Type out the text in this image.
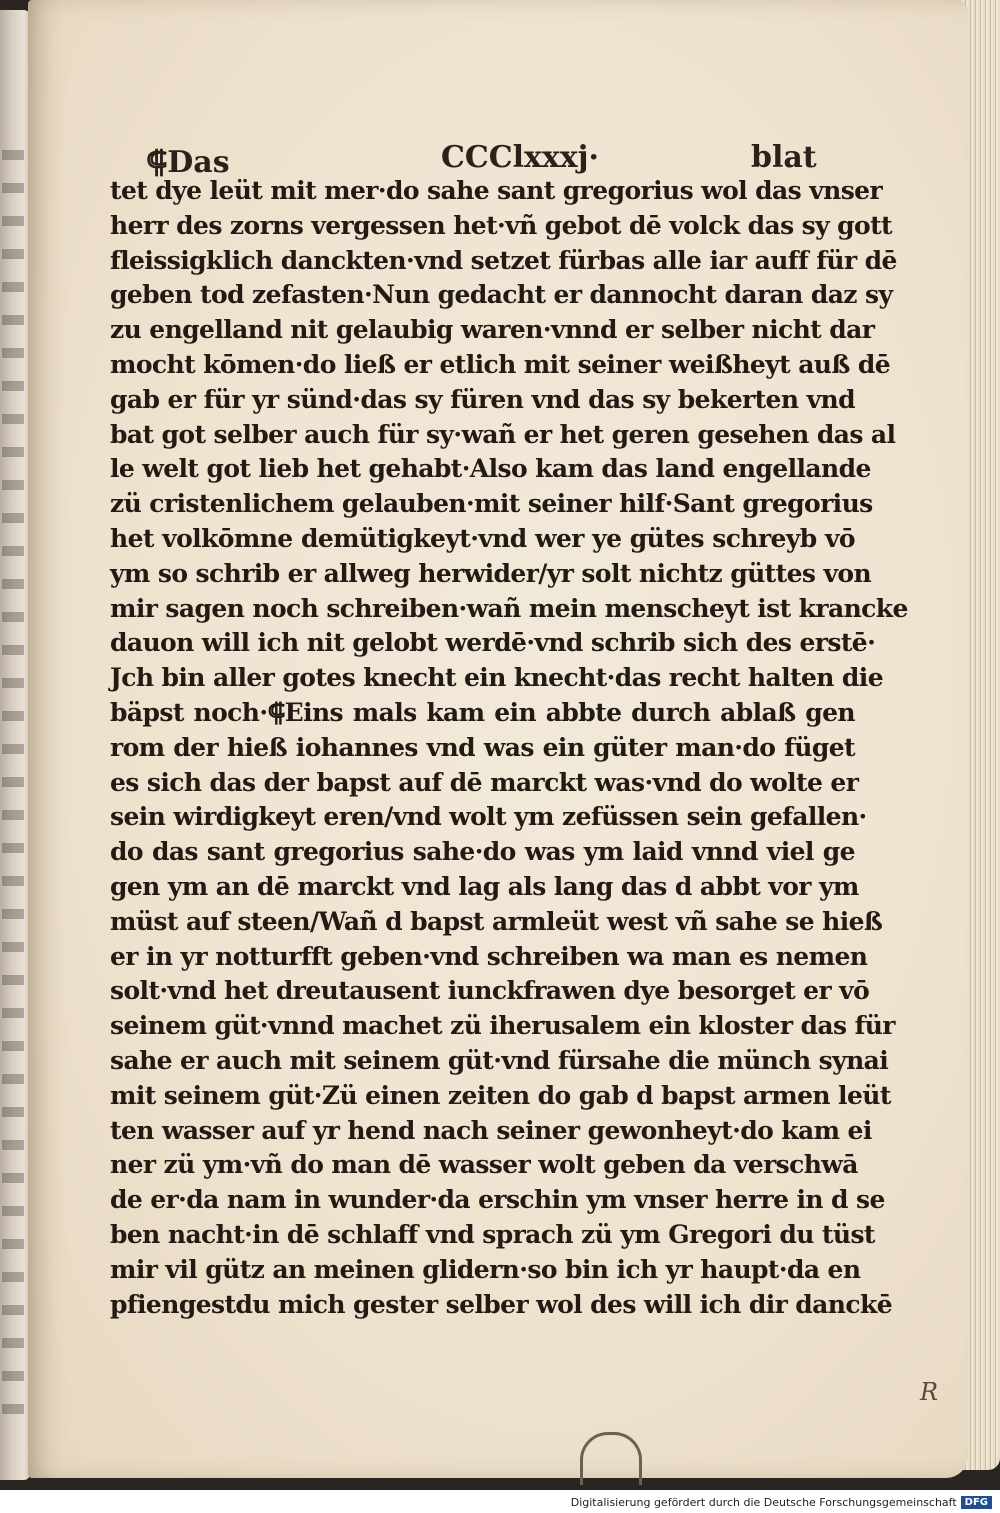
⸿Das	CCClxxxj·	blat
tet dye leüt mit mer·do sahe sant gregorius wol das vnser
herr des zorns vergessen het·vñ gebot dē volck das sy gott
fleissigklich danckten·vnd setzet fürbas alle iar auff für dē
geben tod zefasten·Nun gedacht er dannocht daran daz sy
zu engelland nit gelaubig waren·vnnd er selber nicht dar
mocht kōmen·do ließ er etlich mit seiner weißheyt auß dē
gab er für yr sünd·das sy füren vnd das sy bekerten vnd
bat got selber auch für sy·wañ er het geren gesehen das al
le welt got lieb het gehabt·Also kam das land engellande
zü cristenlichem gelauben·mit seiner hilf·Sant gregorius
het volkōmne demütigkeyt·vnd wer ye gütes schreyb vō
ym so schrib er allweg herwider/yr solt nichtz güttes von
mir sagen noch schreiben·wañ mein menscheyt ist krancke
dauon will ich nit gelobt werdē·vnd schrib sich des erstē·
Jch bin aller gotes knecht ein knecht·das recht halten die
bäpst noch·⸿Eins mals kam ein abbte durch ablaß gen
rom der hieß iohannes vnd was ein güter man·do füget
es sich das der bapst auf dē marckt was·vnd do wolte er
sein wirdigkeyt eren/vnd wolt ym zefüssen sein gefallen·
do das sant gregorius sahe·do was ym laid vnnd viel ge
gen ym an dē marckt vnd lag als lang das d abbt vor ym
müst auf steen/Wañ d bapst armleüt west vñ sahe se hieß
er in yr notturfft geben·vnd schreiben wa man es nemen
solt·vnd het dreutausent iunckfrawen dye besorget er vō
seinem güt·vnnd machet zü iherusalem ein kloster das für
sahe er auch mit seinem güt·vnd fürsahe die münch synai
mit seinem güt·Zü einen zeiten do gab d bapst armen leüt
ten wasser auf yr hend nach seiner gewonheyt·do kam ei
ner zü ym·vñ do man dē wasser wolt geben da verschwā
de er·da nam in wunder·da erschin ym vnser herre in d se
ben nacht·in dē schlaff vnd sprach zü ym Gregori du tüst
mir vil gütz an meinen glidern·so bin ich yr haupt·da en
pfiengestdu mich gester selber wol des will ich dir danckē
R
Digitalisierung gefördert durch die Deutsche Forschungsgemeinschaft DFG
